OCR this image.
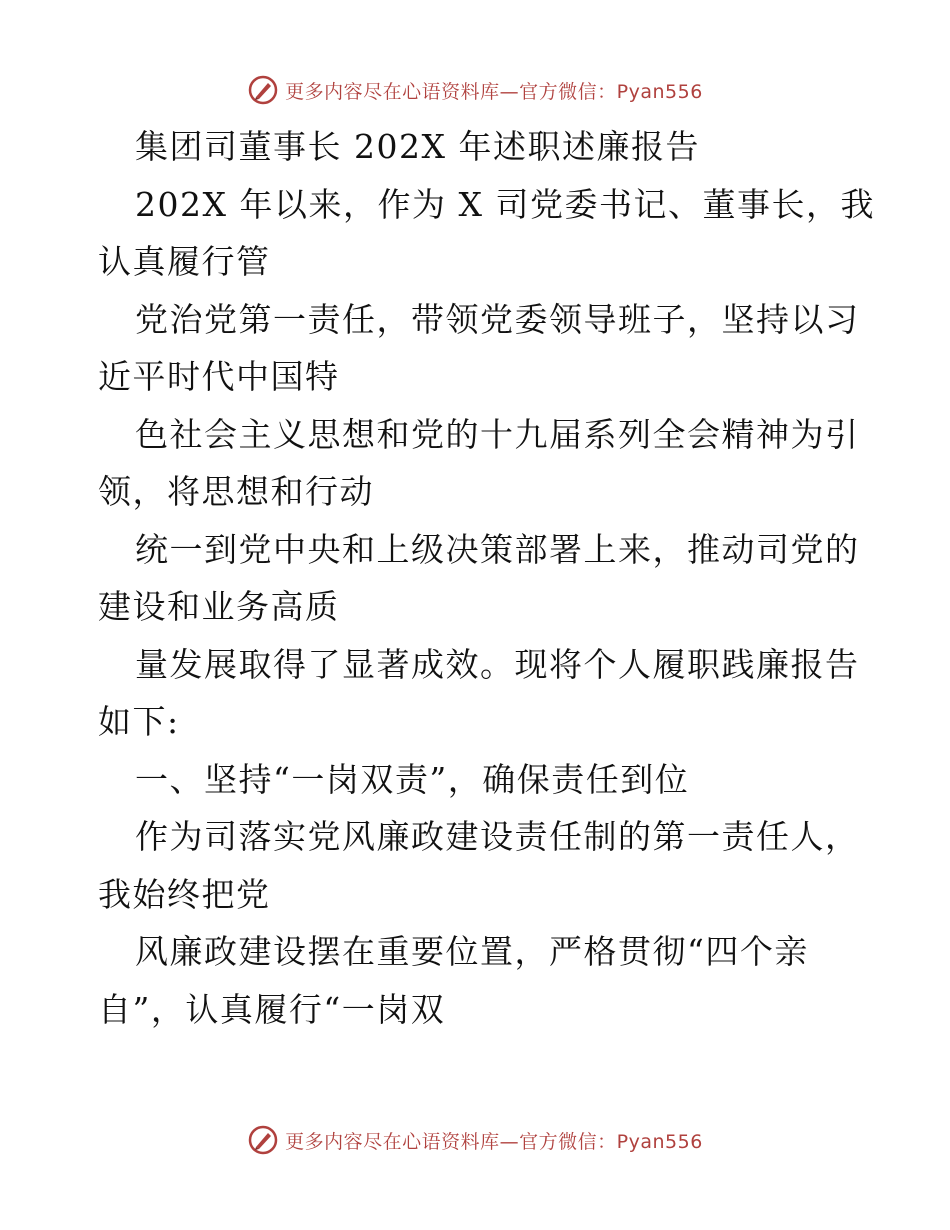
更多内容尽在心语资料库—官方微信：Pyan556
集团司董事长 202X 年述职述廉报告
202X 年以来，作为 X 司党委书记、董事长，我
认真履行管
党治党第一责任，带领党委领导班子，坚持以习
近平时代中国特
色社会主义思想和党的十九届系列全会精神为引
领，将思想和行动
统一到党中央和上级决策部署上来，推动司党的
建设和业务高质
量发展取得了显著成效。现将个人履职践廉报告
如下:
一、坚持“一岗双责”，确保责任到位
作为司落实党风廉政建设责任制的第一责任人，
我始终把党
风廉政建设摆在重要位置，严格贯彻“四个亲
自”，认真履行“一岗双
更多内容尽在心语资料库—官方微信：Pyan556
